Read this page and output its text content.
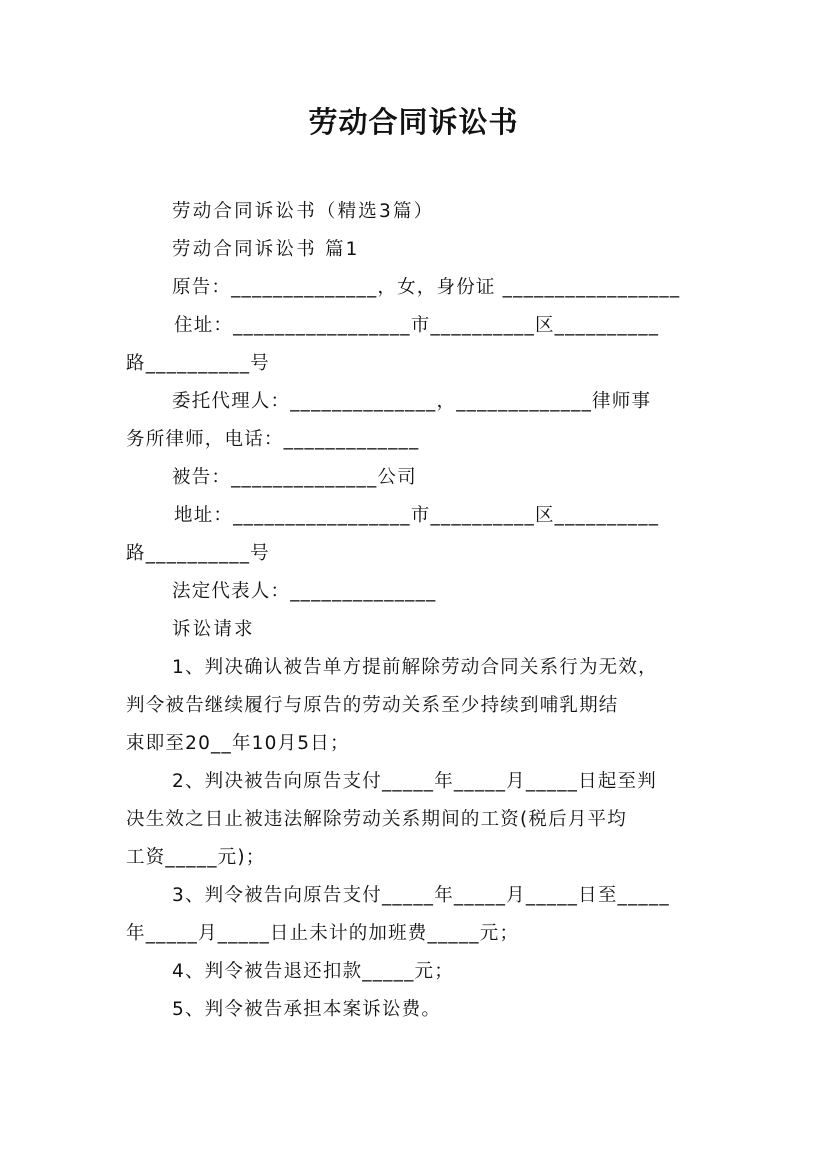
劳动合同诉讼书
劳动合同诉讼书（精选3篇）
劳动合同诉讼书 篇1
原告：______________，女，身份证 _________________
住址：_________________市__________区__________
路__________号
委托代理人：______________，_____________律师事
务所律师，电话：_____________
被告：______________公司
地址：_________________市__________区__________
路__________号
法定代表人：______________
诉讼请求
1、判决确认被告单方提前解除劳动合同关系行为无效，
判令被告继续履行与原告的劳动关系至少持续到哺乳期结
束即至20__年10月5日；
2、判决被告向原告支付_____年_____月_____日起至判
决生效之日止被违法解除劳动关系期间的工资(税后月平均
工资_____元)；
3、判令被告向原告支付_____年_____月_____日至_____
年_____月_____日止未计的加班费_____元；
4、判令被告退还扣款_____元；
5、判令被告承担本案诉讼费。
